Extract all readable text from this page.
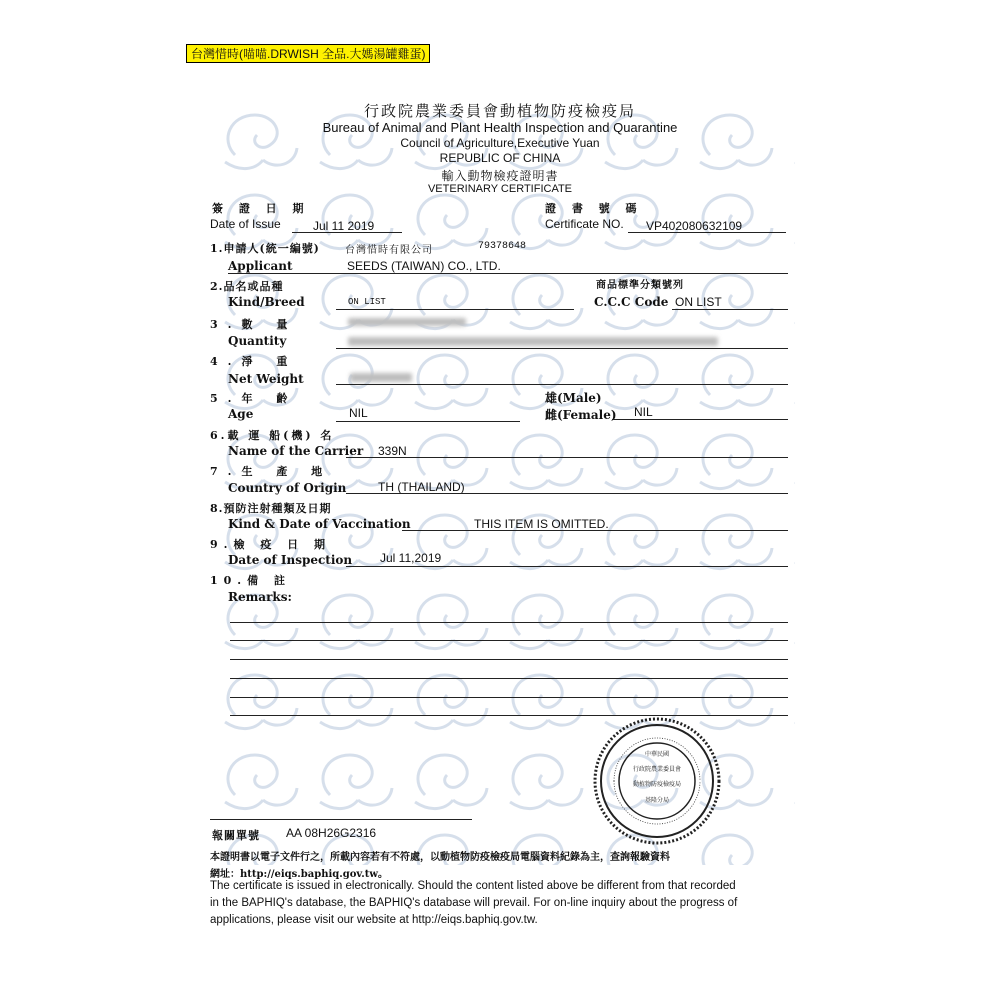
台灣惜時(喵喵.DRWISH 全品.大媽湯罐雞蛋)
行政院農業委員會動植物防疫檢疫局
Bureau of Animal and Plant Health Inspection and Quarantine
Council of Agriculture,Executive Yuan
REPUBLIC OF CHINA
輸入動物檢疫證明書
VETERINARY CERTIFICATE
簽 證 日 期
Date of Issue	Jul 11 2019
證 書 號 碼
Certificate NO. VP402080632109
1.申請人(統一編號)	台灣惜時有限公司	79378648
Applicant	SEEDS (TAIWAN) CO., LTD.
2.品名或品種	商品標準分類號列
Kind/Breed	ON LIST	C.C.C Code ON LIST
3.數 量
Quantity
4.淨 重
Net Weight
5.年 齡	雄(Male)
Age	NIL	雌(Female) NIL
6.載 運 船(機) 名
Name of the Carrier 339N
7.生 產 地
Country of Origin	TH (THAILAND)
8.預防注射種類及日期
Kind & Date of Vaccination	THIS ITEM IS OMITTED.
9.檢 疫 日 期
Date of Inspection Jul 11,2019
10.備 註
Remarks:
中華民國
行政院農業委員會
動植物防疫檢疫局
基隆分局
報關單號 AA 08H26G2316
本證明書以電子文件行之，所載內容若有不符處，以動植物防疫檢疫局電腦資料紀錄為主，查詢報驗資料
網址：http://eiqs.baphiq.gov.tw。
The certificate is issued in electronically. Should the content listed above be different from that recorded
in the BAPHIQ's database, the BAPHIQ's database will prevail. For on-line inquiry about the progress of
applications, please visit our website at http://eiqs.baphiq.gov.tw.
